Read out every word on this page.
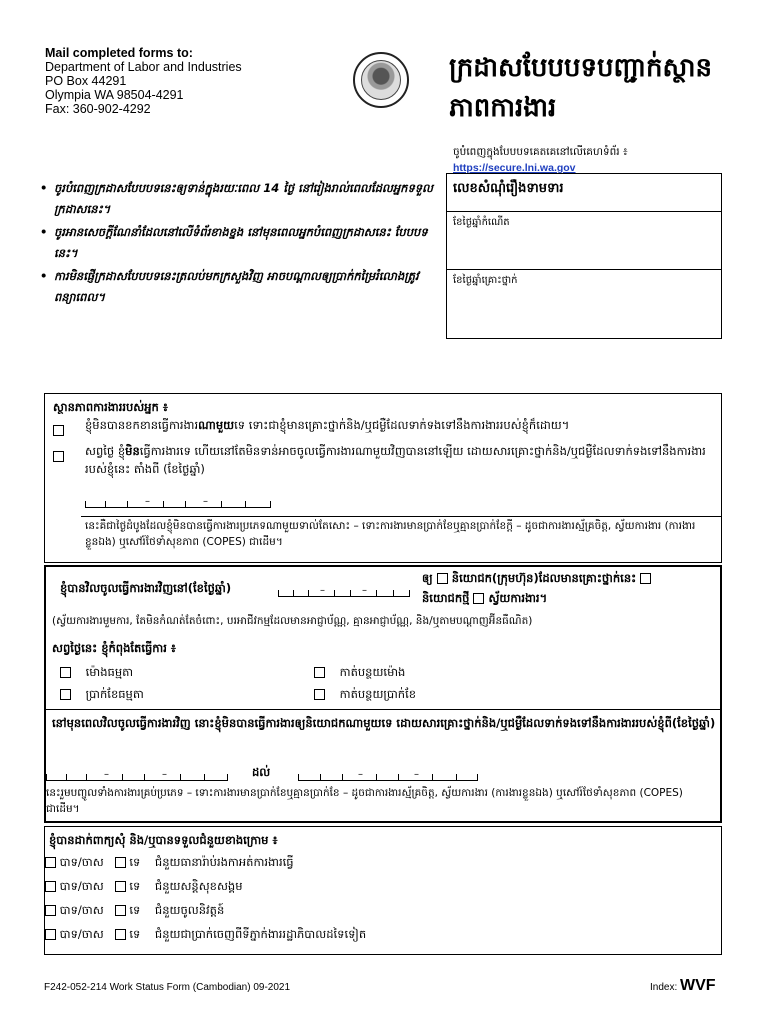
Mail completed forms to:
Department of Labor and Industries
PO Box 44291
Olympia WA 98504-4291
Fax: 360-902-4292
ក្រដាសបែបបទបញ្ជាក់ស្ថាន
ភាពការងារ
ចូបំពេញក្នុងបែបបទគេតគេនៅលើគេហទំព័រ ៖
https://secure.lni.wa.gov
លេខសំណុំរឿងទាមទារ
ខែថ្ងៃឆ្នាំកំណើត
ខែថ្ងៃឆ្នាំគ្រោះថ្នាក់
• ចូរបំពេញក្រដាសបែបបទនេះឲ្យទាន់ក្នុងរយៈពេល 14 ថ្ងៃ នៅរៀងរាល់ពេលដែលអ្នកទទួលក្រដាសនេះ។
• ចូរអានសេចក្តីណែនាំដែលនៅលើទំព័រខាងខ្នង នៅមុនពេលអ្នកបំពេញក្រដាសនេះ បែបបទនេះ។
• ការមិនផ្ញើក្រដាសបែបបទនេះត្រលប់មកក្រសួងវិញ អាចបណ្តាលឲ្យប្រាក់កម្រៃរំលោងត្រូវពន្យាពេល។
ស្ថានភាពការងាររបស់អ្នក ៖
ខ្ញុំមិនបានខកខានធ្វើការងារណាមួយទេ ទោះជាខ្ញុំមានគ្រោះថ្នាក់និង/ឬជម្ងឺដែលទាក់ទងទៅនឹងការងាររបស់ខ្ញុំក៏ដោយ។
សព្វថ្ងៃ ខ្ញុំមិនធ្វើការងារទេ ហើយនៅតែមិនទាន់អាចចូលធ្វើការងារណាមួយវិញបាននៅឡើយ ដោយសារគ្រោះថ្នាក់និង/ឬជម្ងឺដែលទាក់ទងទៅនឹងការងាររបស់ខ្ញុំនេះ តាំងពី (ខែថ្ងៃឆ្នាំ)
–	–
នេះគឺជាថ្ងៃដំបូងដែលខ្ញុំមិនបានធ្វើការងារប្រភេទណាមួយទាល់តែសោះ – ទោះការងារមានប្រាក់ខែឬគ្មានប្រាក់ខែក្តី – ដូចជាការងារស្ម័គ្រចិត្ត, ស្វ័យការងារ (ការងារខ្លួនឯង) ឬសៅរ៍ថែទាំសុខភាព (COPES) ជាដើម។
ខ្ញុំបានវិលចូលធ្វើការងារវិញនៅ(ខែថ្ងៃឆ្នាំ)	–	–
ឲ្យ និយោជក(ក្រុមហ៊ុន)ដែលមានគ្រោះថ្នាក់នេះ
និយោជកថ្មី ស្វ័យការងារ។
(ស្វ័យការងារមួមការ, តែមិនកំណត់តែចំពោះ, បរអាជីវកម្មដែលមានអាជ្ញាប័ណ្ណ, គ្មានអាជ្ញាប័ណ្ណ, និង/ឬតាមបណ្តាញអ៊ីនធឺណិត)
សព្វថ្ងៃនេះ ខ្ញុំកំពុងតែធ្វើការ ៖
ម៉ោងធម្មតា	កាត់បន្ថយម៉ោង
ប្រាក់ខែធម្មតា	កាត់បន្ថយប្រាក់ខែ
នៅមុនពេលវិលចូលធ្វើការងារវិញ នោះខ្ញុំមិនបានធ្វើការងារឲ្យនិយោជកណាមួយទេ ដោយសារគ្រោះថ្នាក់និង/ឬជម្ងឺដែលទាក់ទងទៅនឹងការងាររបស់ខ្ញុំពី(ខែថ្ងៃឆ្នាំ)
–	–	ដល់	–	–
នេះរួមបញ្ចូលទាំងការងារគ្រប់ប្រភេទ – ទោះការងារមានប្រាក់ខែឬគ្មានប្រាក់ខែ – ដូចជាការងារស្ម័គ្រចិត្ត, ស្វ័យការងារ (ការងារខ្លួនឯង) ឬសៅរ៍ថែទាំសុខភាព (COPES) ជាដើម។
ខ្ញុំបានដាក់ពាក្យសុំ និង/ឬបានទទួលជំនួយខាងក្រោម ៖
បាទ/ចាស ទេ ជំនួយធានារ៉ាប់រងកាអត់ការងារធ្វើ
បាទ/ចាស ទេ ជំនួយសន្តិសុខសង្គម
បាទ/ចាស ទេ ជំនួយចូលនិវត្តន៍
បាទ/ចាស ទេ ជំនួយជាប្រាក់ចេញពីទីភ្នាក់ងាររដ្ឋាភិបាលដទៃទៀត
F242-052-214 Work Status Form (Cambodian) 09-2021	Index: WVF
